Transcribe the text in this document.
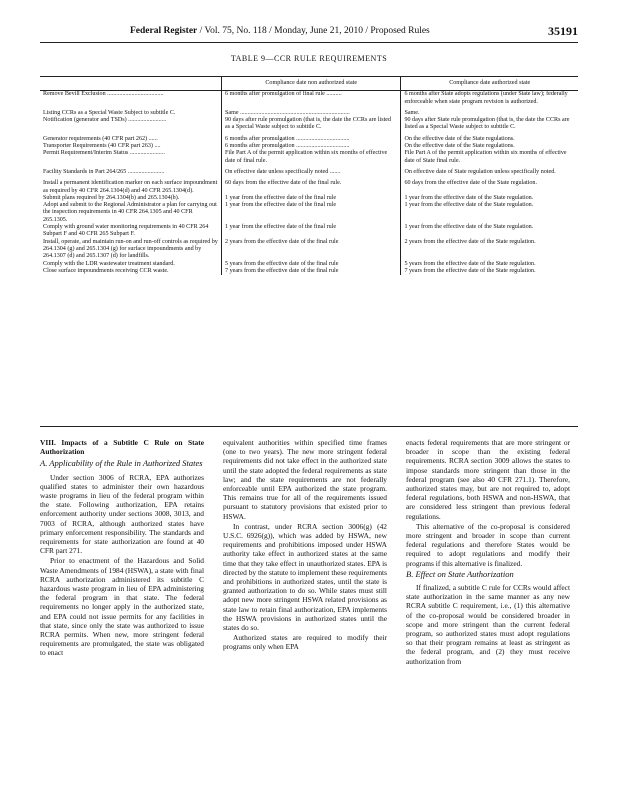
Federal Register / Vol. 75, No. 118 / Monday, June 21, 2010 / Proposed Rules	35191
TABLE 9—CCR RULE REQUIREMENTS
	Compliance date non authorized state	Compliance date authorized state
Remove Bevill Exclusion .....................................	6 months after promulgation of final rule ..........	6 months after State adopts regulations (under State law); federally enforceable when state program revision is authorized.

Listing CCRs as a Special Waste Subject to subtitle C.	Same ........................................................................	Same.
Notification (generator and TSDs) .........................	90 days after rule promulgation (that is, the date the CCRs are listed as a Special Waste subject to subtitle C.	90 days after State rule promulgation (that is, the date the CCRs are listed as a Special Waste subject to subtitle C.

Generator requirements (40 CFR part 262) ......	6 months after promulgation ...................................	On the effective date of the State regulations.
Transporter Requirements (40 CFR part 263) ....	6 months after promulgation ...................................	On the effective date of the State regulations.
Permit Requirement/Interim Status .......................	File Part A of the permit application within six months of effective date of final rule.	File Part A of the permit application within six months of effective date of State final rule.

Facility Standards in Part 264/265 ........................	On effective date unless specifically noted .......	On effective date of State regulation unless specifically noted.

Install a permanent identification marker on each surface impoundment as required by 40 CFR 264.1304(d) and 40 CFR 265.1304(d).	60 days from the effective date of the final rule.	60 days from the effective date of the State regulation.
Submit plans required by 264.1304(b) and 265.1304(b).	1 year from the effective date of the final rule	1 year from the effective date of the State regulation.
Adopt and submit to the Regional Administrator a plan for carrying out the inspection requirements in 40 CFR 264.1305 and 40 CFR 265.1305.	1 year from the effective date of the final rule	1 year from the effective date of the State regulation.
Comply with ground water monitoring requirements in 40 CFR 264 Subpart F and 40 CFR 265 Subpart F.	1 year from the effective date of the final rule	1 year from the effective date of the State regulation.
Install, operate, and maintain run-on and run-off controls as required by 264.1304 (g) and 265.1304 (g) for surface impoundments and by 264.1307 (d) and 265.1307 (d) for landfills.	2 years from the effective date of the final rule	2 years from the effective date of the State regulation.
Comply with the LDR wastewater treatment standard.	5 years from the effective date of the final rule	5 years from the effective date of the State regulation.
Close surface impoundments receiving CCR waste.	7 years from the effective date of the final rule	7 years from the effective date of the State regulation.
VIII. Impacts of a Subtitle C Rule on State Authorization
A. Applicability of the Rule in Authorized States

Under section 3006 of RCRA, EPA authorizes qualified states to administer their own hazardous waste programs in lieu of the federal program within the state. Following authorization, EPA retains enforcement authority under sections 3008, 3013, and 7003 of RCRA, although authorized states have primary enforcement responsibility. The standards and requirements for state authorization are found at 40 CFR part 271.

Prior to enactment of the Hazardous and Solid Waste Amendments of 1984 (HSWA), a state with final RCRA authorization administered its subtitle C hazardous waste program in lieu of EPA administering the federal program in that state. The federal requirements no longer apply in the authorized state, and EPA could not issue permits for any facilities in that state, since only the state was authorized to issue RCRA permits. When new, more stringent federal requirements are promulgated, the state was obligated to enact

equivalent authorities within specified time frames (one to two years). The new more stringent federal requirements did not take effect in the authorized state until the state adopted the federal requirements as state law; and the state requirements are not federally enforceable until EPA authorized the state program. This remains true for all of the requirements issued pursuant to statutory provisions that existed prior to HSWA.

In contrast, under RCRA section 3006(g) (42 U.S.C. 6926(g)), which was added by HSWA, new requirements and prohibitions imposed under HSWA authority take effect in authorized states at the same time that they take effect in unauthorized states. EPA is directed by the statute to implement these requirements and prohibitions in authorized states, until the state is granted authorization to do so. While states must still adopt new more stringent HSWA related provisions as state law to retain final authorization, EPA implements the HSWA provisions in authorized states until the states do so.

Authorized states are required to modify their programs only when EPA

enacts federal requirements that are more stringent or broader in scope than the existing federal requirements. RCRA section 3009 allows the states to impose standards more stringent than those in the federal program (see also 40 CFR 271.1). Therefore, authorized states may, but are not required to, adopt federal regulations, both HSWA and non-HSWA, that are considered less stringent than previous federal regulations.

This alternative of the co-proposal is considered more stringent and broader in scope than current federal regulations and therefore States would be required to adopt regulations and modify their programs if this alternative is finalized.

B. Effect on State Authorization

If finalized, a subtitle C rule for CCRs would affect state authorization in the same manner as any new RCRA subtitle C requirement, i.e., (1) this alternative of the co-proposal would be considered broader in scope and more stringent than the current federal program, so authorized states must adopt regulations so that their program remains at least as stringent as the federal program, and (2) they must receive authorization from
